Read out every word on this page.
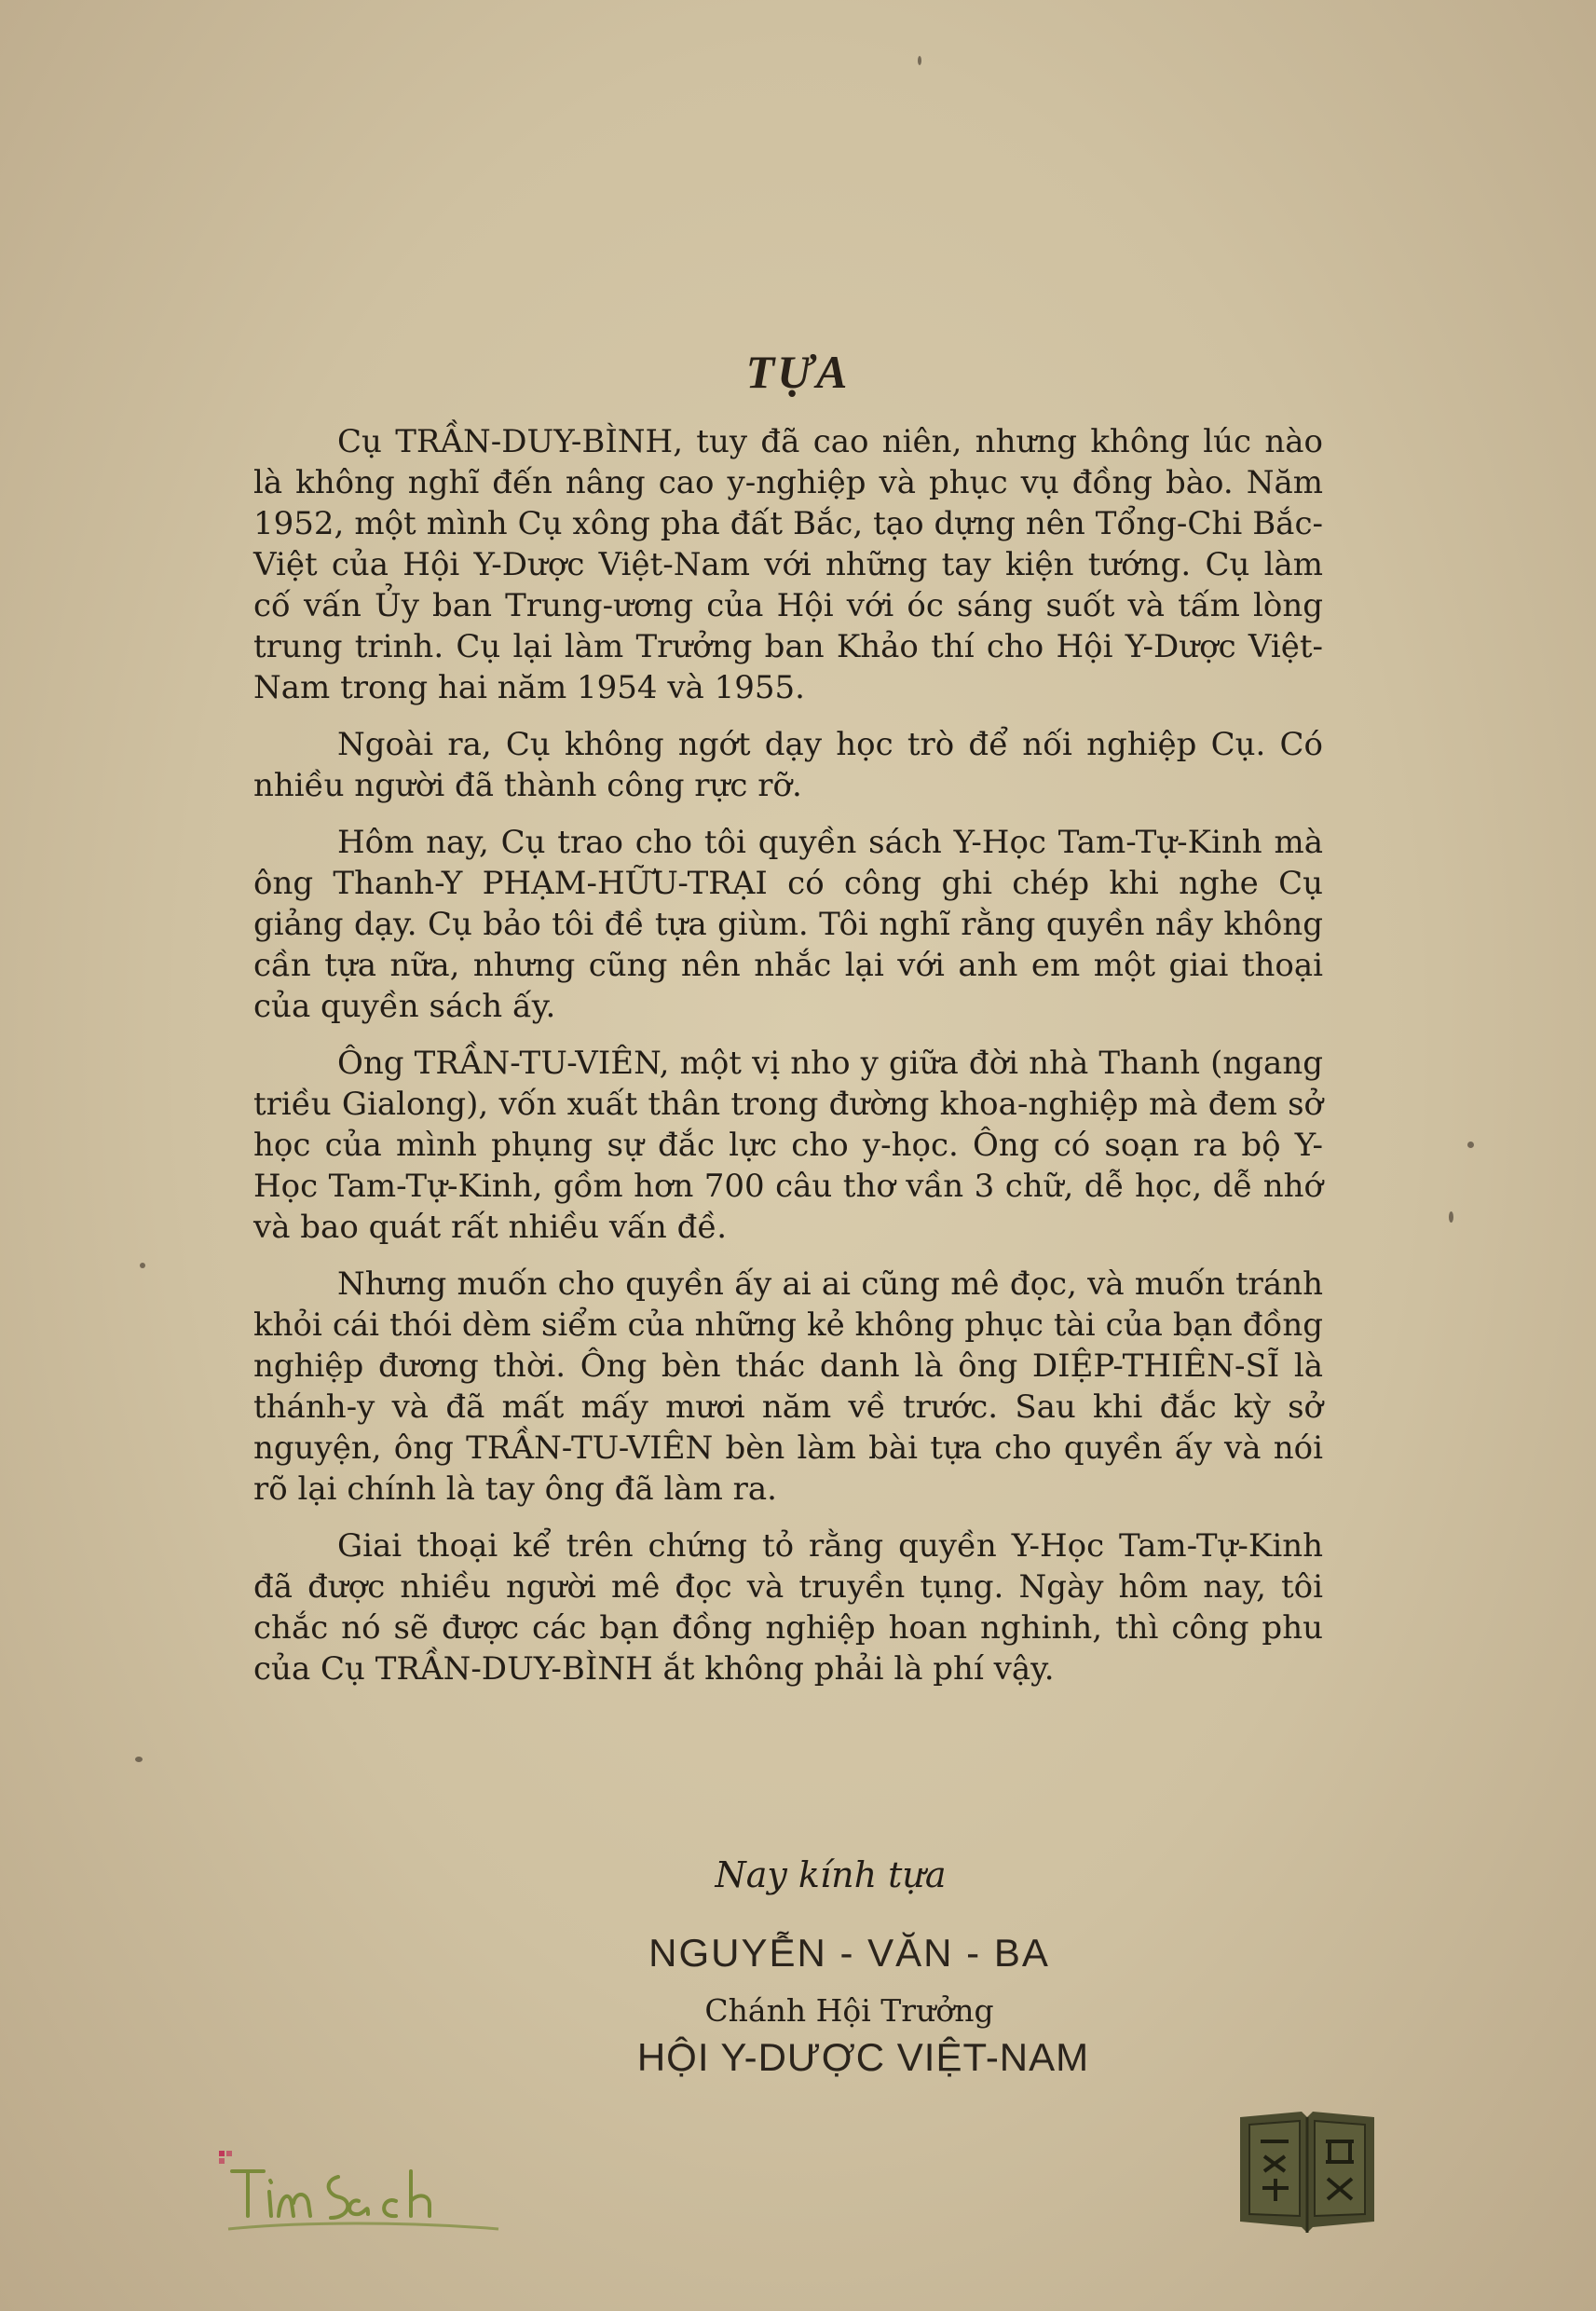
TỰA

Cụ TRẦN-DUY-BÌNH, tuy đã cao niên, nhưng không lúc nào là không nghĩ đến nâng cao y-nghiệp và phục vụ đồng bào. Năm 1952, một mình Cụ xông pha đất Bắc, tạo dựng nên Tổng-Chi Bắc-Việt của Hội Y-Dược Việt-Nam với những tay kiện tướng. Cụ làm cố vấn Ủy ban Trung-ương của Hội với óc sáng suốt và tấm lòng trung trinh. Cụ lại làm Trưởng ban Khảo thí cho Hội Y-Dược Việt-Nam trong hai năm 1954 và 1955.

Ngoài ra, Cụ không ngớt dạy học trò để nối nghiệp Cụ. Có nhiều người đã thành công rực rỡ.

Hôm nay, Cụ trao cho tôi quyền sách Y-Học Tam-Tự-Kinh mà ông Thanh-Y PHẠM-HỮU-TRẠI có công ghi chép khi nghe Cụ giảng dạy. Cụ bảo tôi đề tựa giùm. Tôi nghĩ rằng quyền nầy không cần tựa nữa, nhưng cũng nên nhắc lại với anh em một giai thoại của quyền sách ấy.

Ông TRẦN-TU-VIÊN, một vị nho y giữa đời nhà Thanh (ngang triều Gialong), vốn xuất thân trong đường khoa-nghiệp mà đem sở học của mình phụng sự đắc lực cho y-học. Ông có soạn ra bộ Y-Học Tam-Tự-Kinh, gồm hơn 700 câu thơ vần 3 chữ, dễ học, dễ nhớ và bao quát rất nhiều vấn đề.

Nhưng muốn cho quyền ấy ai ai cũng mê đọc, và muốn tránh khỏi cái thói dèm siểm của những kẻ không phục tài của bạn đồng nghiệp đương thời. Ông bèn thác danh là ông DIỆP-THIÊN-SĨ là thánh-y và đã mất mấy mươi năm về trước. Sau khi đắc kỳ sở nguyện, ông TRẦN-TU-VIÊN bèn làm bài tựa cho quyền ấy và nói rõ lại chính là tay ông đã làm ra.

Giai thoại kể trên chứng tỏ rằng quyền Y-Học Tam-Tự-Kinh đã được nhiều người mê đọc và truyền tụng. Ngày hôm nay, tôi chắc nó sẽ được các bạn đồng nghiệp hoan nghinh, thì công phu của Cụ TRẦN-DUY-BÌNH ắt không phải là phí vậy.

Nay kính tựa
NGUYỄN - VĂN - BA
Chánh Hội Trưởng
HỘI Y-DƯỢC VIỆT-NAM
